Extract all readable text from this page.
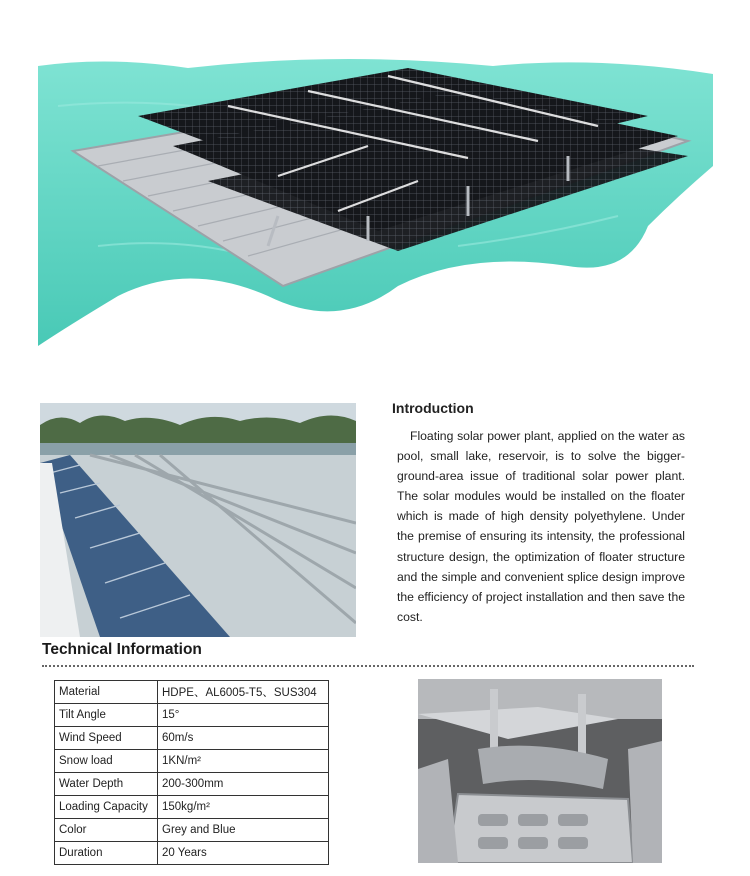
Introduction

Floating solar power plant, applied on the water as pool, small lake, reservoir, is to solve the bigger-ground-area issue of traditional solar power plant. The solar modules would be installed on the floater which is made of high density polyethylene. Under the premise of ensuring its intensity, the professional structure design, the optimization of floater structure and the simple and convenient splice design improve the efficiency of project installation and then save the cost.

Technical Information
Material	HDPE、AL6005-T5、SUS304
Tilt Angle	15°
Wind Speed	60m/s
Snow load	1KN/m²
Water Depth	200-300mm
Loading Capacity	150kg/m²
Color	Grey and Blue
Duration	20 Years
